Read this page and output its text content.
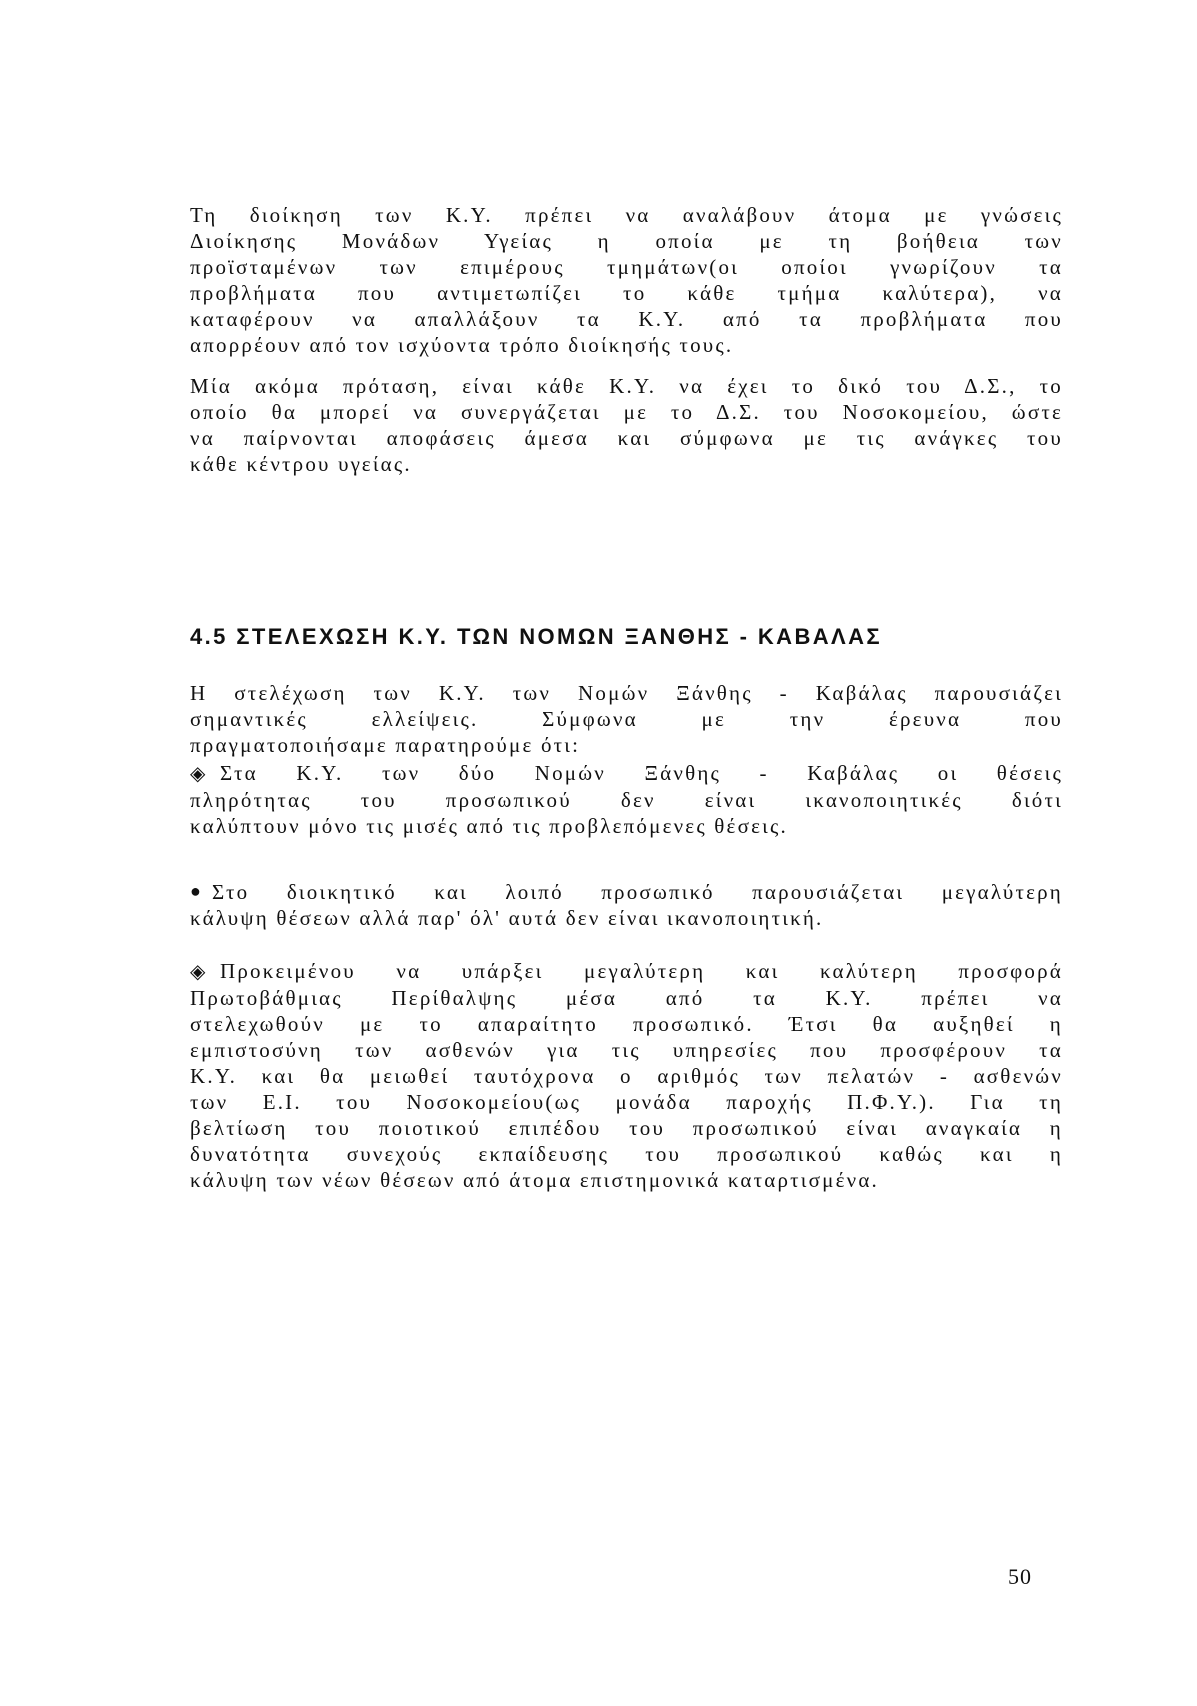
Τη διοίκηση των Κ.Υ. πρέπει να αναλάβουν άτομα με γνώσεις
Διοίκησης Μονάδων Υγείας η οποία με τη βοήθεια των
προϊσταμένων των επιμέρους τμημάτων(οι οποίοι γνωρίζουν τα
προβλήματα που αντιμετωπίζει το κάθε τμήμα καλύτερα), να
καταφέρουν να απαλλάξουν τα Κ.Υ. από τα προβλήματα που
απορρέουν από τον ισχύοντα τρόπο διοίκησής τους.
Μία ακόμα πρόταση, είναι κάθε Κ.Υ. να έχει το δικό του Δ.Σ., το
οποίο θα μπορεί να συνεργάζεται με το Δ.Σ. του Νοσοκομείου, ώστε
να παίρνονται αποφάσεις άμεσα και σύμφωνα με τις ανάγκες του
κάθε κέντρου υγείας.
4.5 ΣΤΕΛΕΧΩΣΗ Κ.Υ. ΤΩΝ ΝΟΜΩΝ ΞΑΝΘΗΣ - ΚΑΒΑΛΑΣ
Η στελέχωση των Κ.Υ. των Νομών Ξάνθης - Καβάλας παρουσιάζει
σημαντικές ελλείψεις. Σύμφωνα με την έρευνα που
πραγματοποιήσαμε παρατηρούμε ότι:
◈ Στα Κ.Υ. των δύο Νομών Ξάνθης - Καβάλας οι θέσεις
πληρότητας του προσωπικού δεν είναι ικανοποιητικές διότι
καλύπτουν μόνο τις μισές από τις προβλεπόμενες θέσεις.
● Στο διοικητικό και λοιπό προσωπικό παρουσιάζεται μεγαλύτερη
κάλυψη θέσεων αλλά παρ' όλ' αυτά δεν είναι ικανοποιητική.
◈ Προκειμένου να υπάρξει μεγαλύτερη και καλύτερη προσφορά
Πρωτοβάθμιας Περίθαλψης μέσα από τα Κ.Υ. πρέπει να
στελεχωθούν με το απαραίτητο προσωπικό. Έτσι θα αυξηθεί η
εμπιστοσύνη των ασθενών για τις υπηρεσίες που προσφέρουν τα
Κ.Υ. και θα μειωθεί ταυτόχρονα ο αριθμός των πελατών - ασθενών
των Ε.Ι. του Νοσοκομείου(ως μονάδα παροχής Π.Φ.Υ.). Για τη
βελτίωση του ποιοτικού επιπέδου του προσωπικού είναι αναγκαία η
δυνατότητα συνεχούς εκπαίδευσης του προσωπικού καθώς και η
κάλυψη των νέων θέσεων από άτομα επιστημονικά καταρτισμένα.
50
